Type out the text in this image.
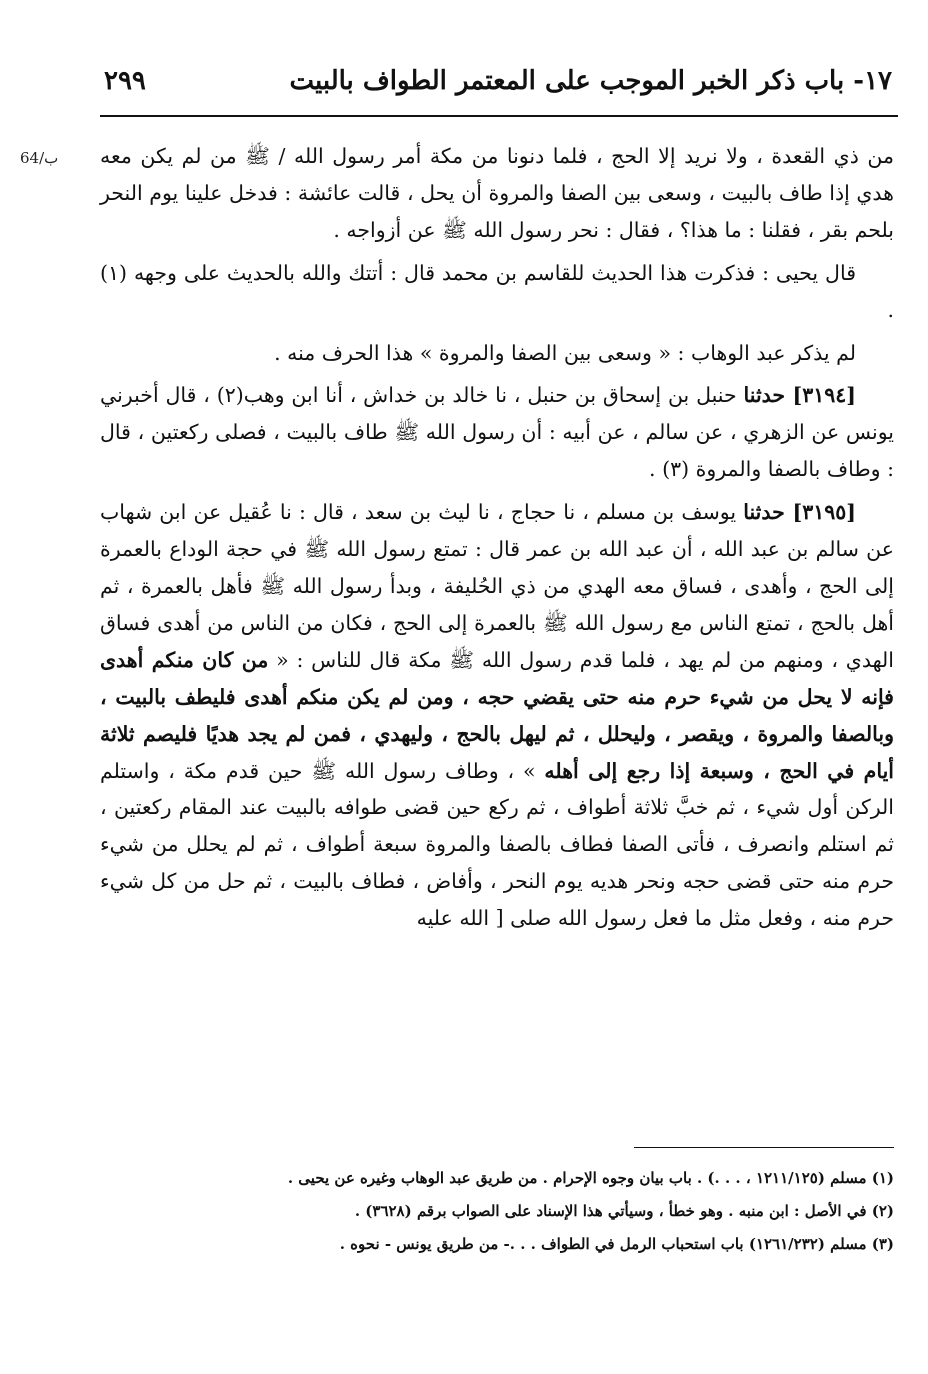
١٧- باب ذكر الخبر الموجب على المعتمر الطواف بالبيت
٢٩٩
64/ب	من ذي القعدة ، ولا نريد إلا الحج ، فلما دنونا من مكة أمر رسول الله / ﷺ من لم يكن معه هدي إذا طاف بالبيت ، وسعى بين الصفا والمروة أن يحل ، قالت عائشة : فدخل علينا يوم النحر بلحم بقر ، فقلنا : ما هذا؟ ، فقال : نحر رسول الله ﷺ عن أزواجه .

قال يحيى : فذكرت هذا الحديث للقاسم بن محمد قال : أتتك والله بالحديث على وجهه (١) .

لم يذكر عبد الوهاب : « وسعى بين الصفا والمروة » هذا الحرف منه .

[٣١٩٤] حدثنا حنبل بن إسحاق بن حنبل ، نا خالد بن خداش ، أنا ابن وهب(٢) ، قال أخبرني يونس عن الزهري ، عن سالم ، عن أبيه : أن رسول الله ﷺ طاف بالبيت ، فصلى ركعتين ، قال : وطاف بالصفا والمروة (٣) .

[٣١٩٥] حدثنا يوسف بن مسلم ، نا حجاج ، نا ليث بن سعد ، قال : نا عُقيل عن ابن شهاب عن سالم بن عبد الله ، أن عبد الله بن عمر قال : تمتع رسول الله ﷺ في حجة الوداع بالعمرة إلى الحج ، وأهدى ، فساق معه الهدي من ذي الحُليفة ، وبدأ رسول الله ﷺ فأهل بالعمرة ، ثم أهل بالحج ، تمتع الناس مع رسول الله ﷺ بالعمرة إلى الحج ، فكان من الناس من أهدى فساق الهدي ، ومنهم من لم يهد ، فلما قدم رسول الله ﷺ مكة قال للناس : « من كان منكم أهدى فإنه لا يحل من شيء حرم منه حتى يقضي حجه ، ومن لم يكن منكم أهدى فليطف بالبيت ، وبالصفا والمروة ، ويقصر ، وليحلل ، ثم ليهل بالحج ، وليهدي ، فمن لم يجد هديًا فليصم ثلاثة أيام في الحج ، وسبعة إذا رجع إلى أهله » ، وطاف رسول الله ﷺ حين قدم مكة ، واستلم الركن أول شيء ، ثم خبَّ ثلاثة أطواف ، ثم ركع حين قضى طوافه بالبيت عند المقام ركعتين ، ثم استلم وانصرف ، فأتى الصفا فطاف بالصفا والمروة سبعة أطواف ، ثم لم يحلل من شيء حرم منه حتى قضى حجه ونحر هديه يوم النحر ، وأفاض ، فطاف بالبيت ، ثم حل من كل شيء حرم منه ، وفعل مثل ما فعل رسول الله صلى [ الله عليه

(١) مسلم (١٢١١/١٢٥ ، . . .) . باب بيان وجوه الإحرام . من طريق عبد الوهاب وغيره عن يحيى .

(٢) في الأصل : ابن منبه . وهو خطأ ، وسيأتي هذا الإسناد على الصواب برقم (٣٦٢٨) .

(٣) مسلم (١٢٦١/٢٣٢) باب استحباب الرمل في الطواف . . .- من طريق يونس - نحوه .
